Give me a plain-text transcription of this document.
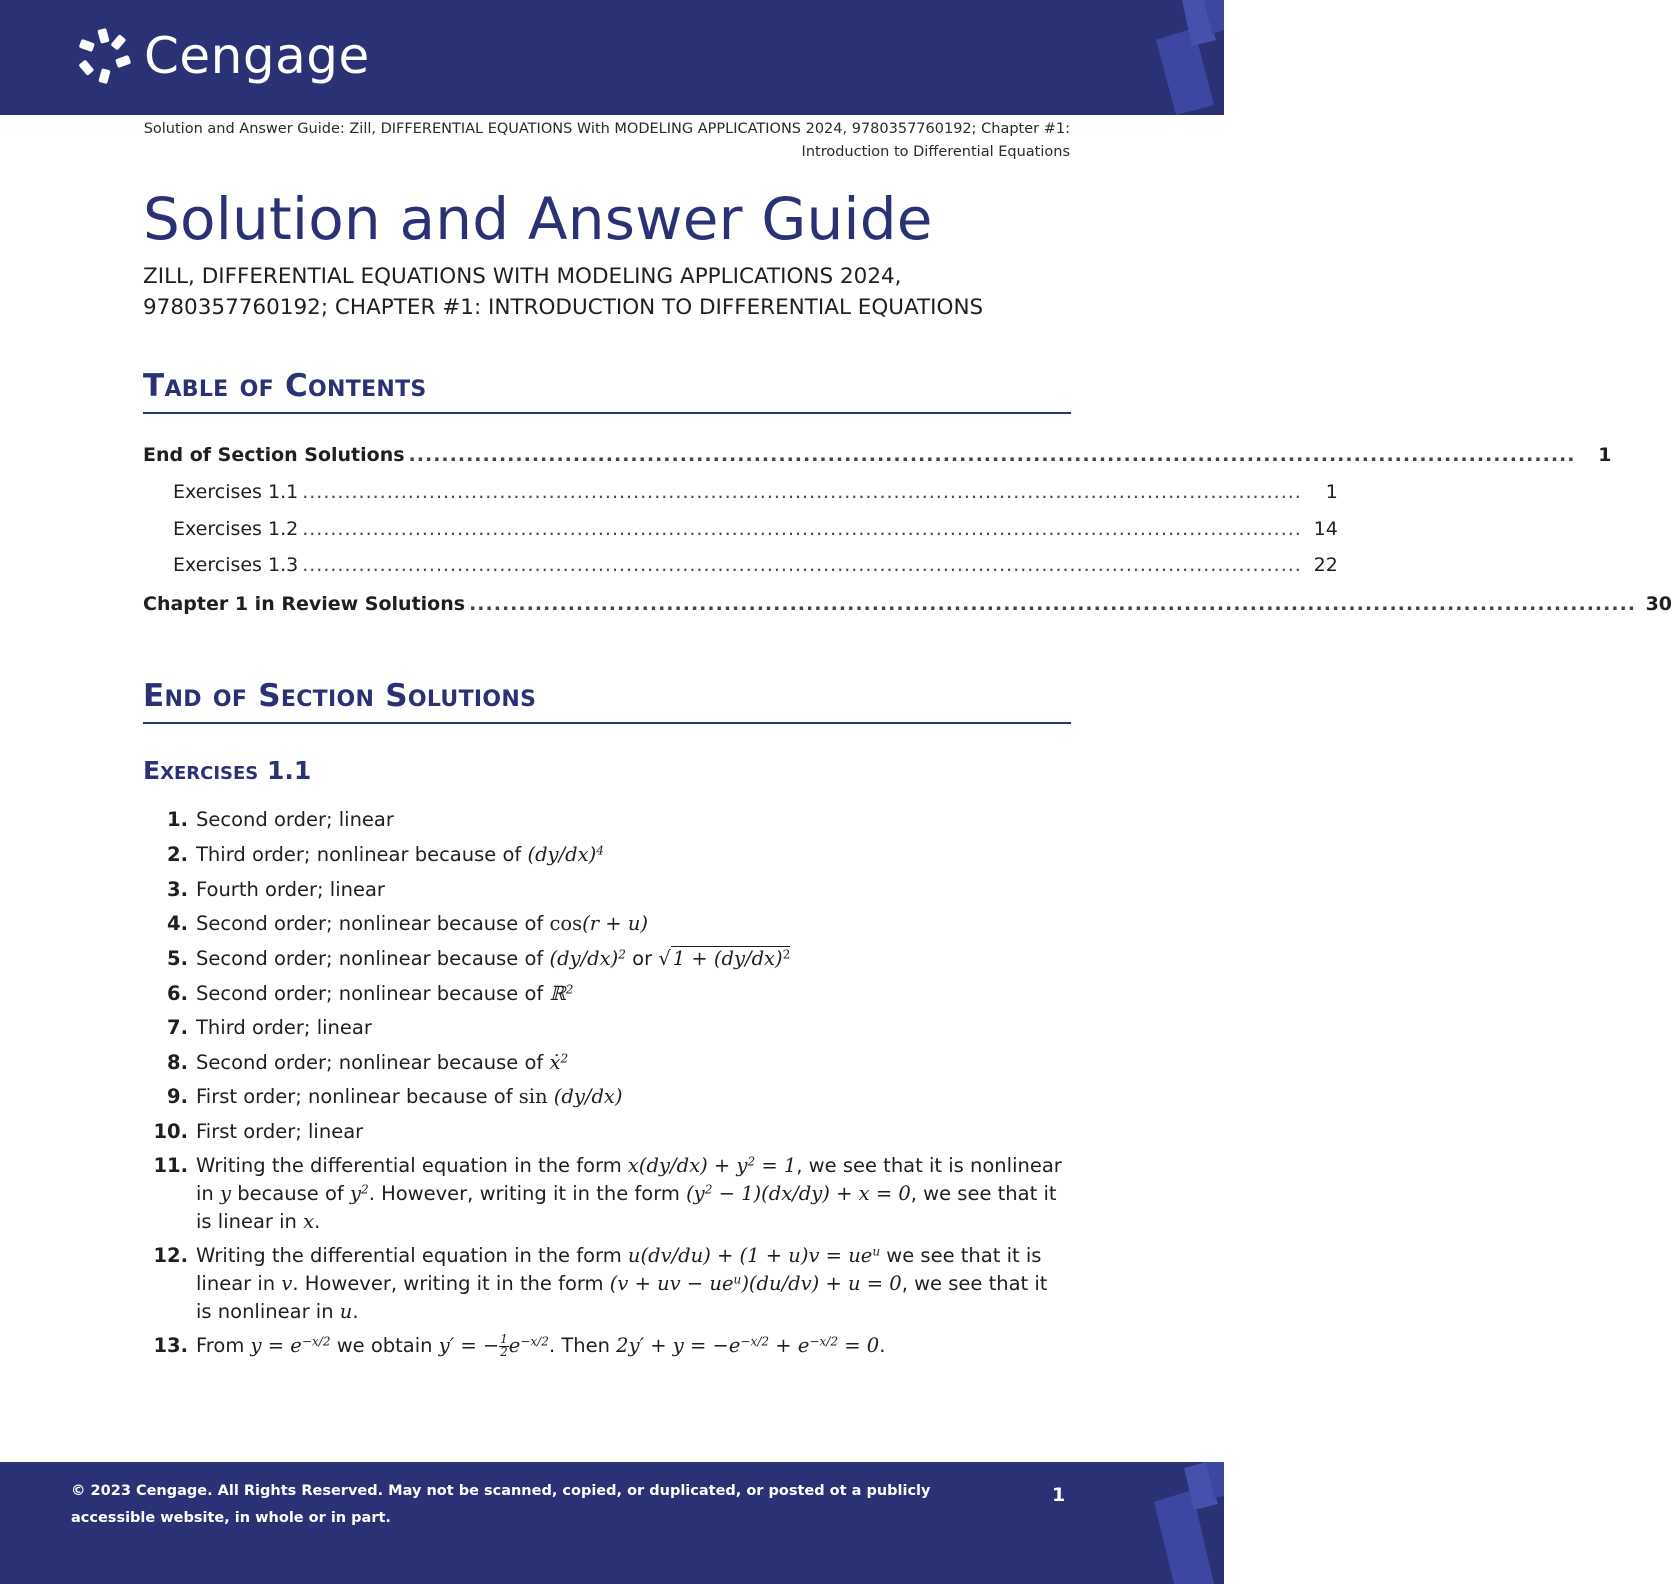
Cengage
Solution and Answer Guide: Zill, DIFFERENTIAL EQUATIONS With MODELING APPLICATIONS 2024, 9780357760192; Chapter #1:
Introduction to Differential Equations
Solution and Answer Guide
ZILL, DIFFERENTIAL EQUATIONS WITH MODELING APPLICATIONS 2024,
9780357760192; CHAPTER #1: INTRODUCTION TO DIFFERENTIAL EQUATIONS
Table of Contents
End of Section Solutions ..............................................................................................................................................	1
Exercises 1.1 ..............................................................................................................................................	1
Exercises 1.2 .............................................................................................................................................. 14
Exercises 1.3 .............................................................................................................................................. 22
Chapter 1 in Review Solutions .............................................................................................................................................. 30
End of Section Solutions
Exercises 1.1
1. Second order; linear
2. Third order; nonlinear because of $(dy/dx)^4$
3. Fourth order; linear
4. Second order; nonlinear because of cos(r + u)
5. Second order; nonlinear because of $(dy/dx)^2$ or √ $1 + (dy/dx)^2$
6. Second order; nonlinear because of ℝ$^2$
7. Third order; linear
8. Second order; nonlinear because of ẋ$^2$
9. First order; nonlinear because of sin (dy/dx)
10. First order; linear
11. Writing the differential equation in the form $x(dy/dx) + y^2 = 1$, we see that it is nonlinear in y because of $y^2$. However, writing it in the form $(y^2 - 1)(dx/dy) + x = 0$, we see that it is linear in x.
12. Writing the differential equation in the form $u(dv/du) + (1 + u)v = ue^u$ we see that it is linear in v. However, writing it in the form (v + uv − $ue^u)(du/dv) + u = 0$, we see that it is nonlinear in u.
13. From $y = e^{-x/2}$ we obtain y′ = − $\frac{1}{2} e^{-x/2}$. Then $2y' + y = -e^{-x/2} + e^{-x/2} = 0$.
© 2023 Cengage. All Rights Reserved. May not be scanned, copied, or duplicated, or posted ot a publicly accessible website, in whole or in part.
1
